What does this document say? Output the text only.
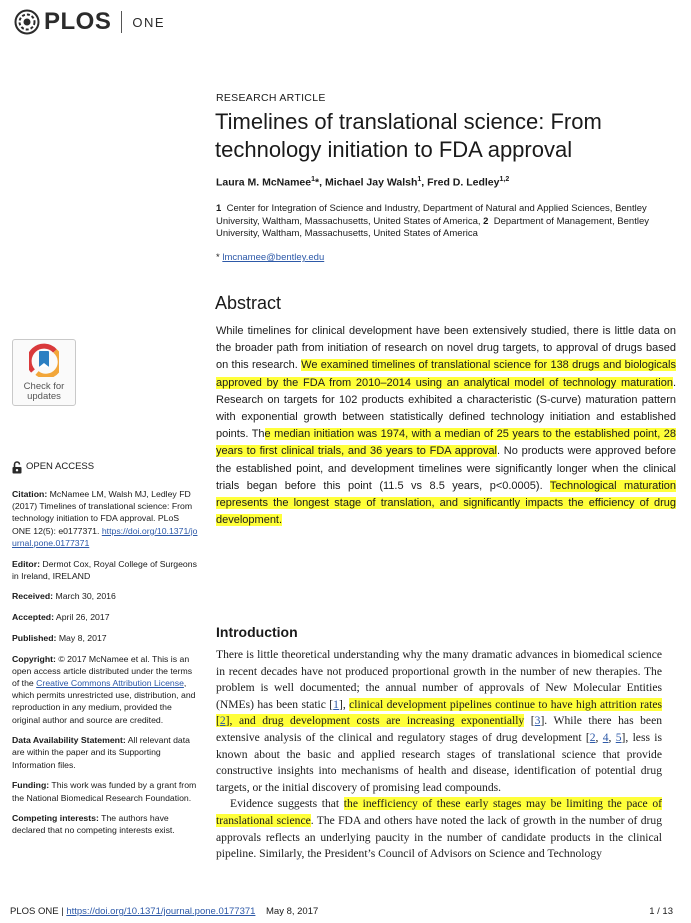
PLOS ONE
RESEARCH ARTICLE
Timelines of translational science: From technology initiation to FDA approval
Laura M. McNamee$^1$*, Michael Jay Walsh$^1$, Fred D. Ledley$^{1,2}$
1 Center for Integration of Science and Industry, Department of Natural and Applied Sciences, Bentley University, Waltham, Massachusetts, United States of America, 2 Department of Management, Bentley University, Waltham, Massachusetts, United States of America
* lmcnamee@bentley.edu
Abstract
While timelines for clinical development have been extensively studied, there is little data on the broader path from initiation of research on novel drug targets, to approval of drugs based on this research. We examined timelines of translational science for 138 drugs and biologicals approved by the FDA from 2010–2014 using an analytical model of technology maturation. Research on targets for 102 products exhibited a characteristic (S-curve) maturation pattern with exponential growth between statistically defined technology initiation and established points. The median initiation was 1974, with a median of 25 years to the established point, 28 years to first clinical trials, and 36 years to FDA approval. No products were approved before the established point, and development timelines were significantly longer when the clinical trials began before this point (11.5 vs 8.5 years, p<0.0005). Technological maturation represents the longest stage of translation, and significantly impacts the efficiency of drug development.
Introduction

There is little theoretical understanding why the many dramatic advances in biomedical science in recent decades have not produced proportional growth in the number of new therapies. The problem is well documented; the annual number of approvals of New Molecular Entities (NMEs) has been static [1], clinical development pipelines continue to have high attrition rates [2], and drug development costs are increasing exponentially [3]. While there has been extensive analysis of the clinical and regulatory stages of drug development [2, 4, 5], less is known about the basic and applied research stages of translational science that provide constructive insights into mechanisms of health and disease, identification of potential drug targets, or the initial discovery of promising lead compounds.

Evidence suggests that the inefficiency of these early stages may be limiting the pace of translational science. The FDA and others have noted the lack of growth in the number of drug approvals reflects an underlying paucity in the number of candidate products in the clinical pipeline. Similarly, the President’s Council of Advisors on Science and Technology

Check for
updates
OPEN ACCESS
Citation: McNamee LM, Walsh MJ, Ledley FD (2017) Timelines of translational science: From technology initiation to FDA approval. PLoS ONE 12(5): e0177371. https://doi.org/10.1371/journal.pone.0177371
Editor: Dermot Cox, Royal College of Surgeons in Ireland, IRELAND
Received: March 30, 2016
Accepted: April 26, 2017
Published: May 8, 2017
Copyright: © 2017 McNamee et al. This is an open access article distributed under the terms of the Creative Commons Attribution License, which permits unrestricted use, distribution, and reproduction in any medium, provided the original author and source are credited.
Data Availability Statement: All relevant data are within the paper and its Supporting Information files.
Funding: This work was funded by a grant from the National Biomedical Research Foundation.
Competing interests: The authors have declared that no competing interests exist.
PLOS ONE | https://doi.org/10.1371/journal.pone.0177371 May 8, 2017	1 / 13
